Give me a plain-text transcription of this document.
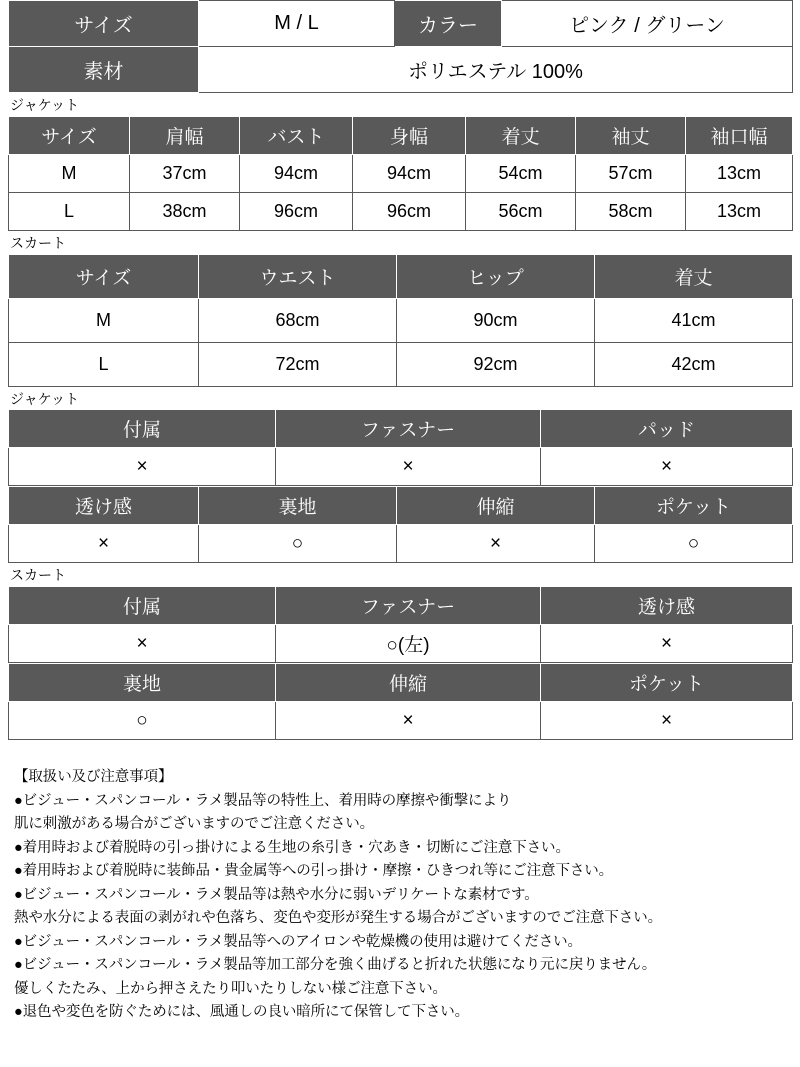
サイズ	M / L	カラー	ピンク / グリーン
素材	ポリエステル 100%		
ジャケット
サイズ	肩幅	バスト	身幅	着丈	袖丈	袖口幅
M	37cm	94cm	94cm	54cm	57cm	13cm
L	38cm	96cm	96cm	56cm	58cm	13cm
スカート
サイズ	ウエスト	ヒップ	着丈
M	68cm	90cm	41cm
L	72cm	92cm	42cm
ジャケット
付属	ファスナー	パッド
×	×	×
透け感	裏地	伸縮	ポケット
×	○	×	○
スカート
付属	ファスナー	透け感
×	○(左)	×
裏地	伸縮	ポケット
○	×	×
【取扱い及び注意事項】
●ビジュー・スパンコール・ラメ製品等の特性上、着用時の摩擦や衝撃により
肌に刺激がある場合がございますのでご注意ください。
●着用時および着脱時の引っ掛けによる生地の糸引き・穴あき・切断にご注意下さい。
●着用時および着脱時に装飾品・貴金属等への引っ掛け・摩擦・ひきつれ等にご注意下さい。
●ビジュー・スパンコール・ラメ製品等は熱や水分に弱いデリケートな素材です。
熱や水分による表面の剥がれや色落ち、変色や変形が発生する場合がございますのでご注意下さい。
●ビジュー・スパンコール・ラメ製品等へのアイロンや乾燥機の使用は避けてください。
●ビジュー・スパンコール・ラメ製品等加工部分を強く曲げると折れた状態になり元に戻りません。
優しくたたみ、上から押さえたり叩いたりしない様ご注意下さい。
●退色や変色を防ぐためには、風通しの良い暗所にて保管して下さい。
